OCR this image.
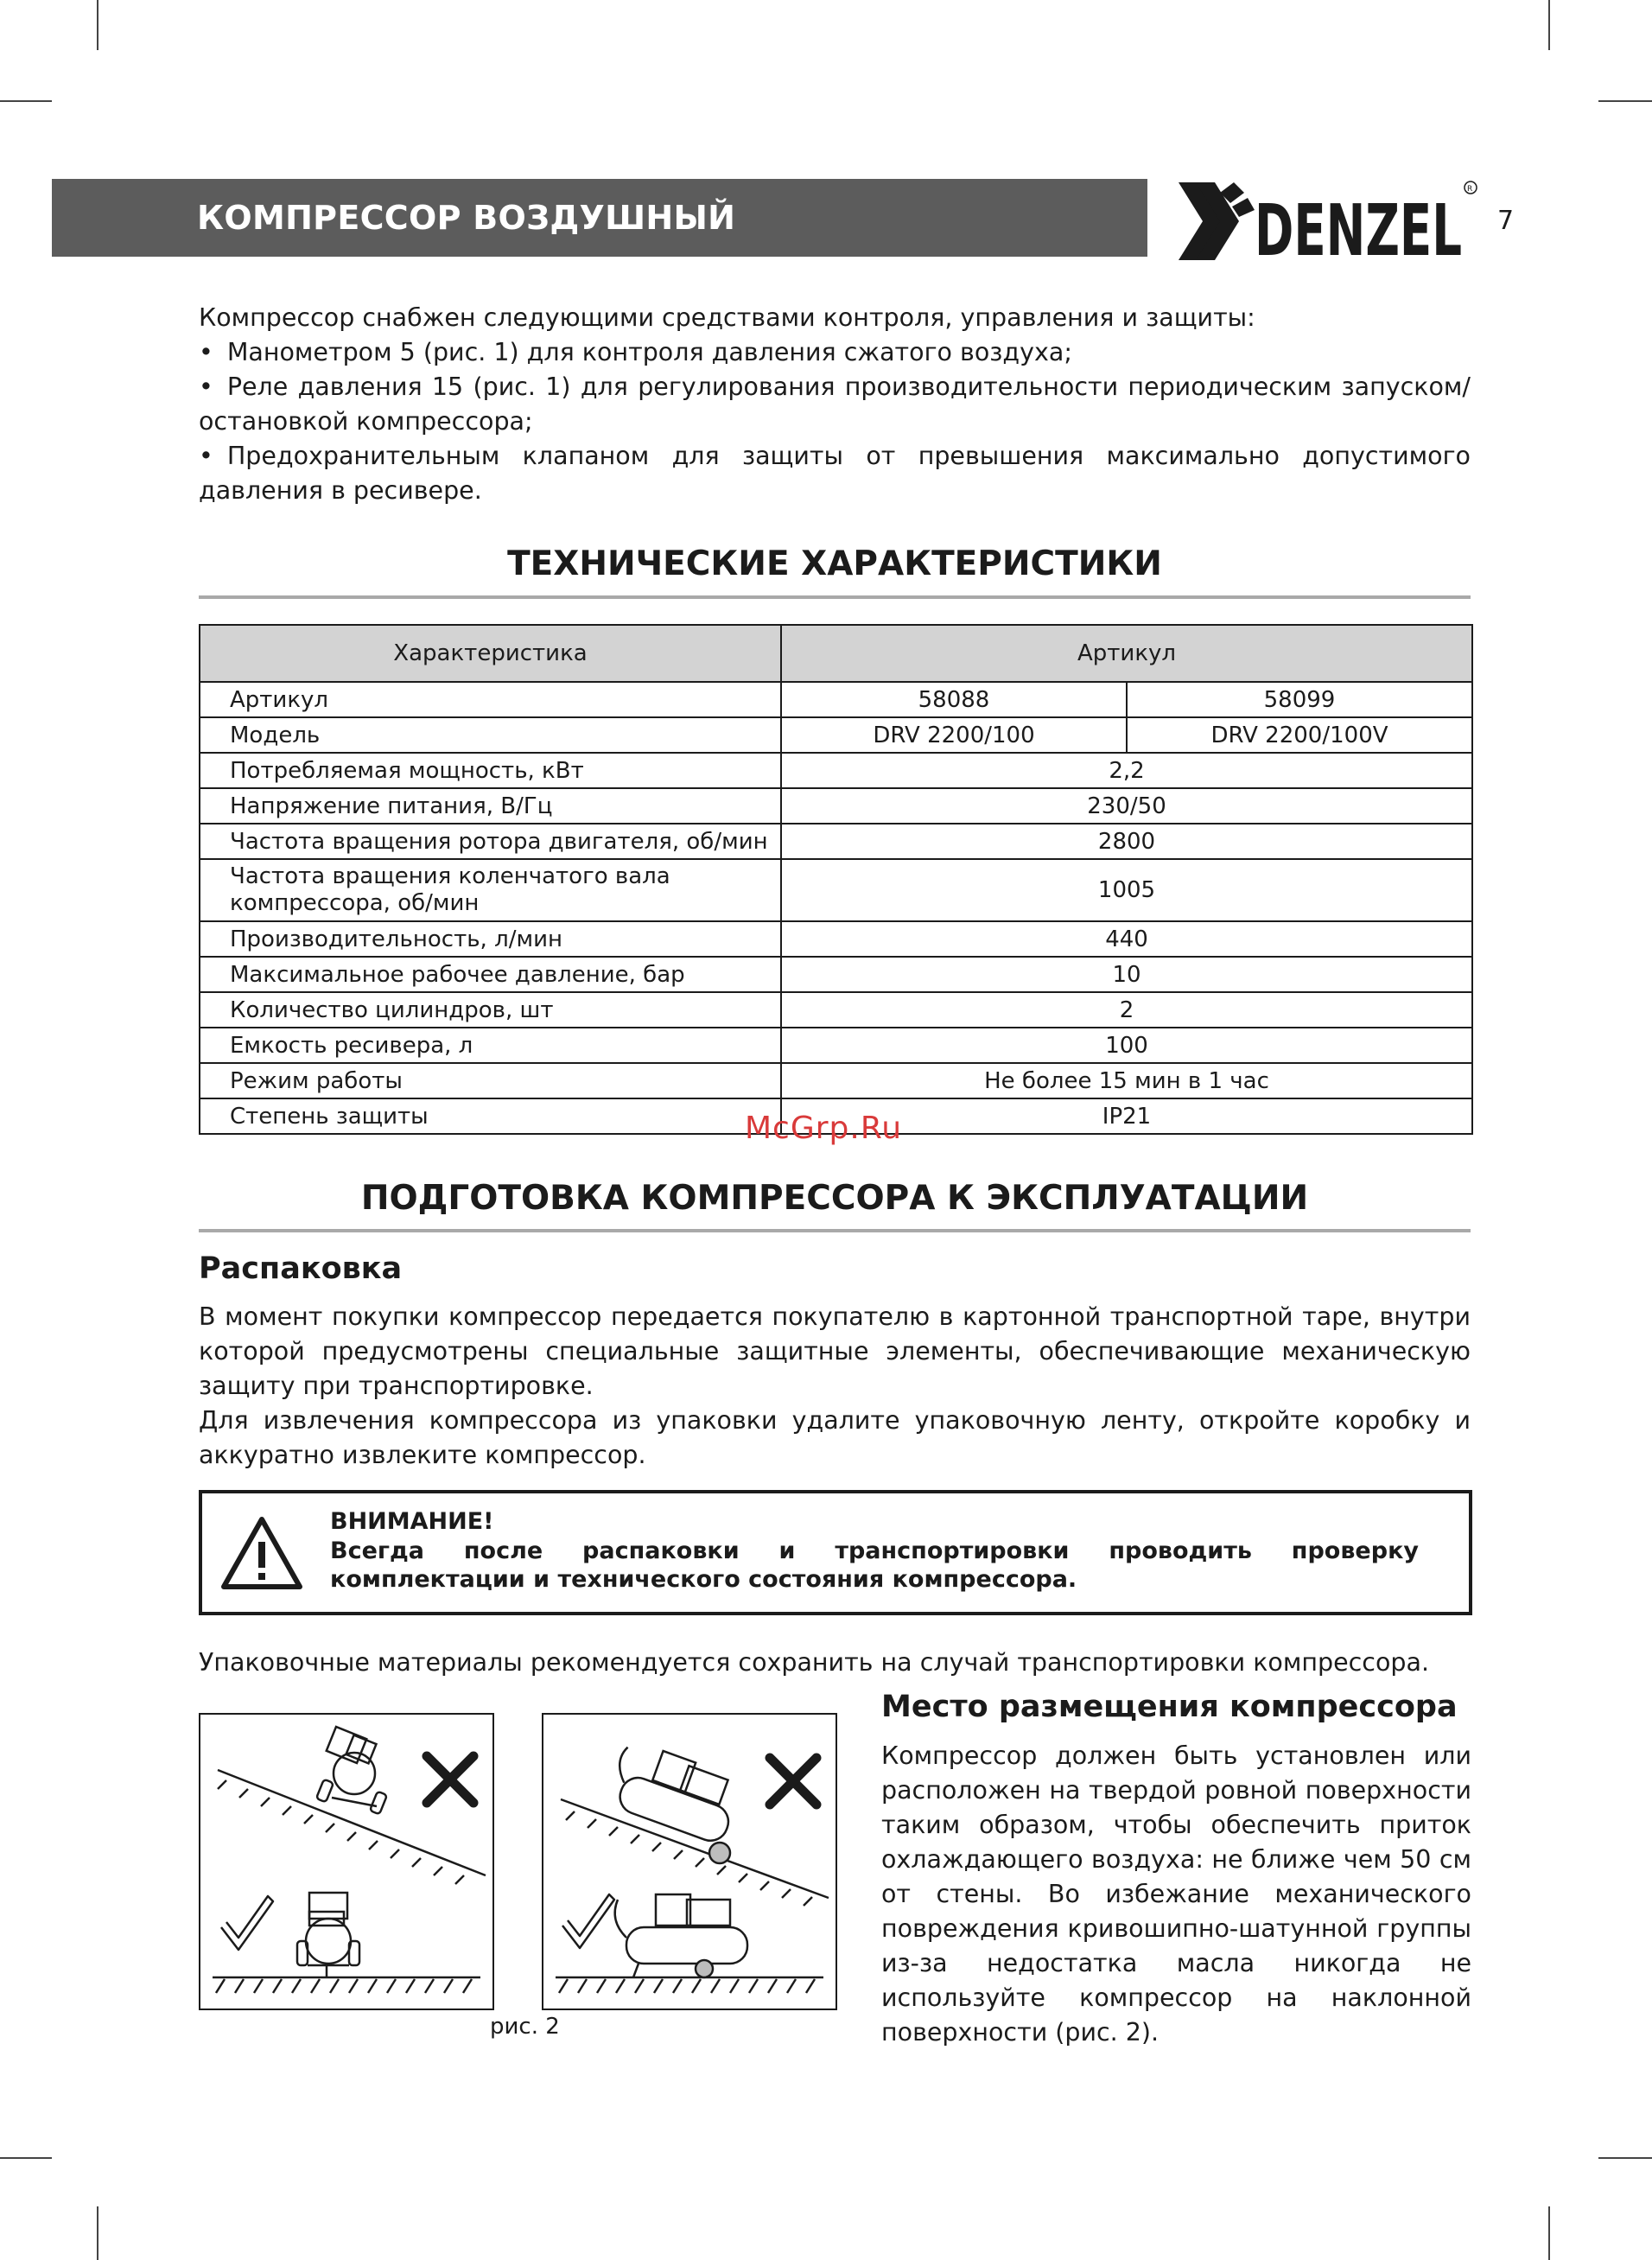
КОМПРЕССОР ВОЗДУШНЫЙ	DENZEL
R
7

Компрессор снабжен следующими средствами контроля, управления и защиты:

• Манометром 5 (рис. 1) для контроля давления сжатого воздуха;

• Реле давления 15 (рис. 1) для регулирования производительности периодическим запуском/остановкой компрессора;

• Предохранительным клапаном для защиты от превышения максимально допустимого давления в ресивере.

ТЕХНИЧЕСКИЕ ХАРАКТЕРИСТИКИ
Характеристика	Артикул	
Артикул	58088	58099
Модель	DRV 2200/100	DRV 2200/100V
Потребляемая мощность, кВт	2,2	
Напряжение питания, В/Гц	230/50	
Частота вращения ротора двигателя, об/мин	2800	
Частота вращения коленчатого вала компрессора, об/мин	1005	
Производительность, л/мин	440	
Максимальное рабочее давление, бар	10	
Количество цилиндров, шт	2	
Емкость ресивера, л	100	
Режим работы	Не более 15 мин в 1 час	
Степень защиты	IP21	
McGrp.Ru
ПОДГОТОВКА КОМПРЕССОРА К ЭКСПЛУАТАЦИИ
Распаковка

В момент покупки компрессор передается покупателю в картонной транспортной таре, внутри которой предусмотрены специальные защитные элементы, обеспечивающие механическую защиту при транспортировке.

Для извлечения компрессора из упаковки удалите упаковочную ленту, откройте коробку и аккуратно извлеките компрессор.

ВНИМАНИЕ!
Всегда после распаковки и транспортировки проводить проверку комплектации и технического состояния компрессора.
Упаковочные материалы рекомендуется сохранить на случай транспортировки компрессора.
рис. 2
Место размещения компрессора
Компрессор должен быть установлен или расположен на твердой ровной поверхности таким образом, чтобы обеспечить приток охлаждающего воздуха: не ближе чем 50 см от стены. Во избежание механического повреждения кривошипно-шатунной группы из-за недостатка масла никогда не используйте компрессор на наклонной поверхности (рис. 2).
